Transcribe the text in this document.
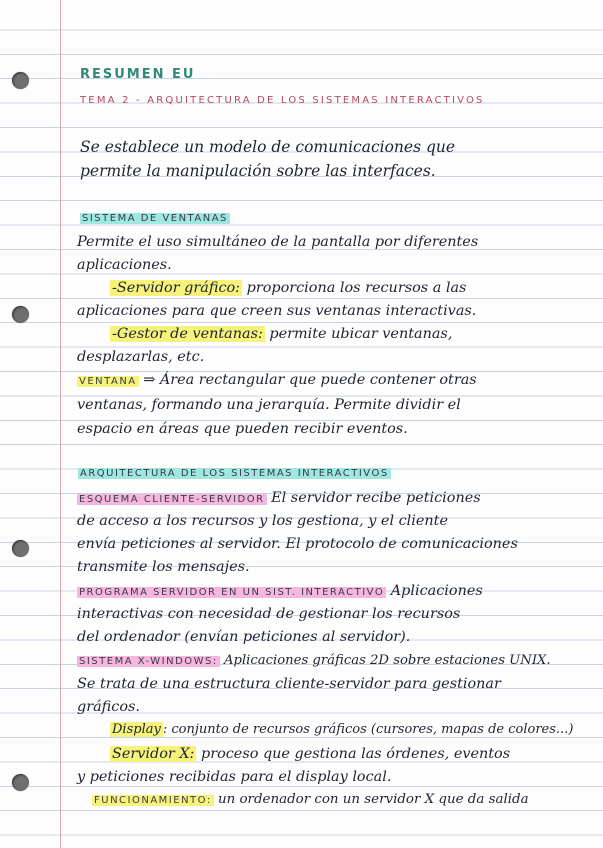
RESUMEN EU
TEMA 2 - ARQUITECTURA DE LOS SISTEMAS INTERACTIVOS
Se establece un modelo de comunicaciones que
permite la manipulación sobre las interfaces.
SISTEMA DE VENTANAS
Permite el uso simultáneo de la pantalla por diferentes
aplicaciones.
-Servidor gráfico: proporciona los recursos a las
aplicaciones para que creen sus ventanas interactivas.
-Gestor de ventanas: permite ubicar ventanas,
desplazarlas, etc.
VENTANA ⇒ Área rectangular que puede contener otras
ventanas, formando una jerarquía. Permite dividir el
espacio en áreas que pueden recibir eventos.
ARQUITECTURA DE LOS SISTEMAS INTERACTIVOS
ESQUEMA CLIENTE-SERVIDOR El servidor recibe peticiones
de acceso a los recursos y los gestiona, y el cliente
envía peticiones al servidor. El protocolo de comunicaciones
transmite los mensajes.
PROGRAMA SERVIDOR EN UN SIST. INTERACTIVO Aplicaciones
interactivas con necesidad de gestionar los recursos
del ordenador (envían peticiones al servidor).
SISTEMA X-WINDOWS: Aplicaciones gráficas 2D sobre estaciones UNIX.
Se trata de una estructura cliente-servidor para gestionar
gráficos.
Display : conjunto de recursos gráficos (cursores, mapas de colores...)
Servidor X: proceso que gestiona las órdenes, eventos
y peticiones recibidas para el display local.
FUNCIONAMIENTO: un ordenador con un servidor X que da salida
